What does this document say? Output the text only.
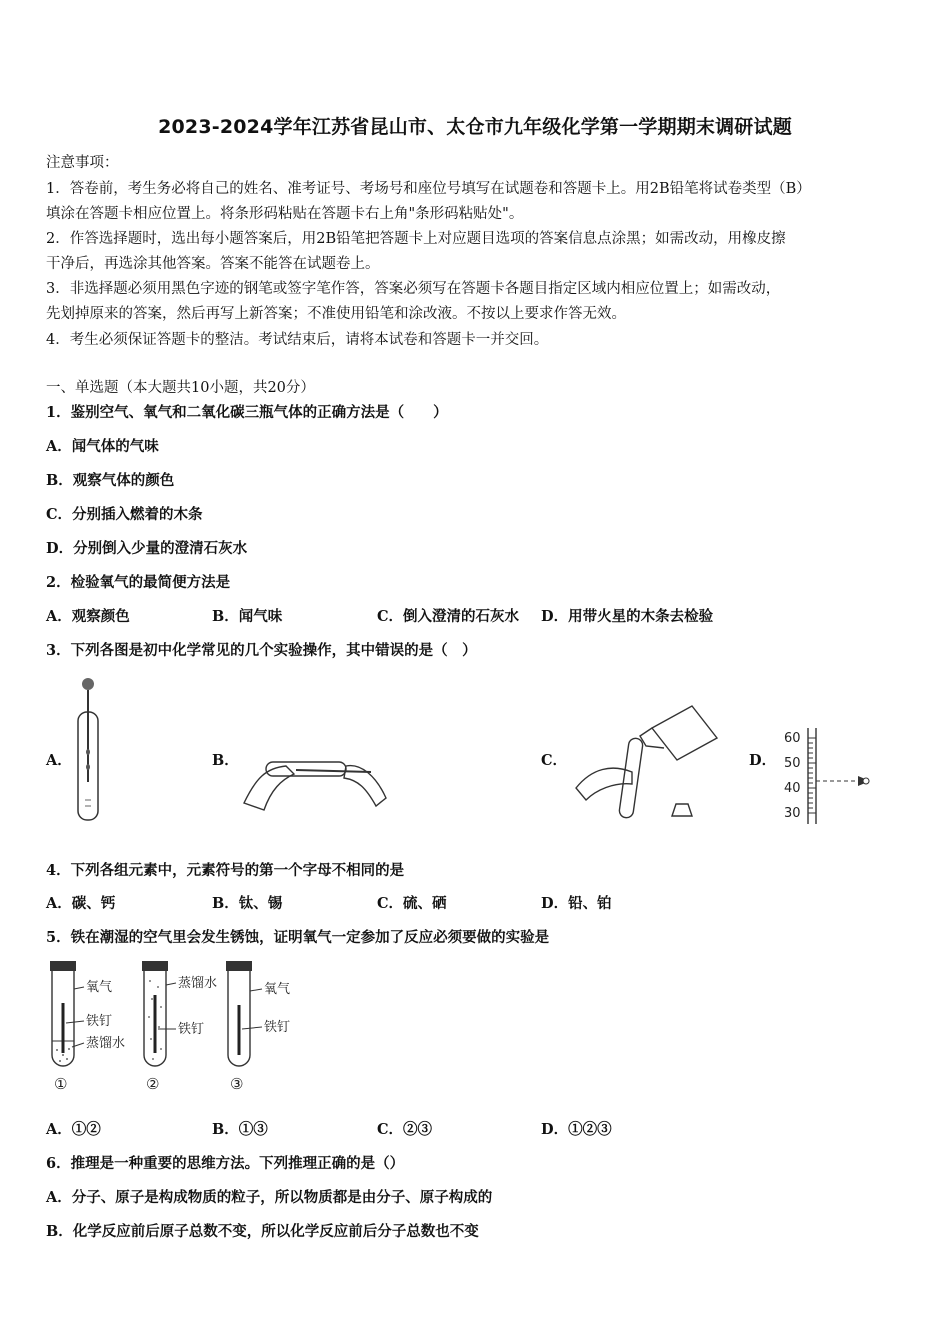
2023-2024学年江苏省昆山市、太仓市九年级化学第一学期期末调研试题
注意事项：
1．答卷前，考生务必将自己的姓名、准考证号、考场号和座位号填写在试题卷和答题卡上。用2B铅笔将试卷类型（B）
填涂在答题卡相应位置上。将条形码粘贴在答题卡右上角"条形码粘贴处"。
2．作答选择题时，选出每小题答案后，用2B铅笔把答题卡上对应题目选项的答案信息点涂黑；如需改动，用橡皮擦
干净后，再选涂其他答案。答案不能答在试题卷上。
3．非选择题必须用黑色字迹的钢笔或签字笔作答，答案必须写在答题卡各题目指定区域内相应位置上；如需改动，
先划掉原来的答案，然后再写上新答案；不准使用铅笔和涂改液。不按以上要求作答无效。
4．考生必须保证答题卡的整洁。考试结束后，请将本试卷和答题卡一并交回。
一、单选题（本大题共10小题，共20分）
1．鉴别空气、氧气和二氧化碳三瓶气体的正确方法是（　　）
A．闻气体的气味
B．观察气体的颜色
C．分别插入燃着的木条
D．分别倒入少量的澄清石灰水
2．检验氧气的最简便方法是
A．观察颜色	B．闻气味	C．倒入澄清的石灰水 D．用带火星的木条去检验
3．下列各图是初中化学常见的几个实验操作，其中错误的是（　）
A．	B．	C．	D．
60
50
40
30
4．下列各组元素中，元素符号的第一个字母不相同的是
A．碳、钙	B．钛、锡	C．硫、硒	D．铅、铂
5．铁在潮湿的空气里会发生锈蚀，证明氧气一定参加了反应必须要做的实验是
氧气
铁钉
蒸馏水
①
蒸馏水
铁钉
②
氧气
铁钉
③
A．①②	B．①③	C．②③	D．①②③
6．推理是一种重要的思维方法。下列推理正确的是（）
A．分子、原子是构成物质的粒子，所以物质都是由分子、原子构成的
B．化学反应前后原子总数不变，所以化学反应前后分子总数也不变
